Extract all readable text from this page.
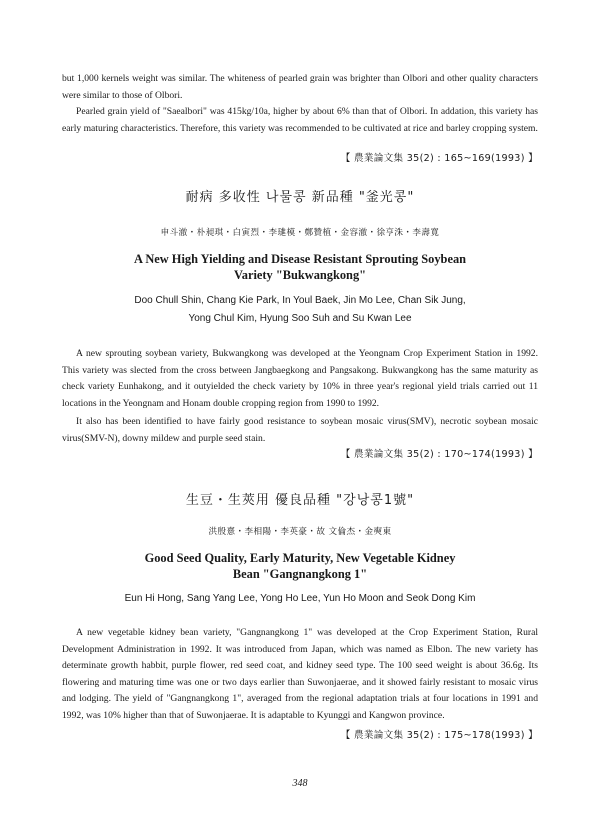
but 1,000 kernels weight was similar. The whiteness of pearled grain was brighter than Olbori and other quality characters were similar to those of Olbori.

Pearled grain yield of "Saealbori" was 415kg/10a, higher by about 6% than that of Olbori. In addation, this variety has early maturing characteristics. Therefore, this variety was recommended to be cultivated at rice and barley cropping system.

【 農業論文集 35(2) : 165~169(1993) 】
耐病 多收性 나물콩 新品種 "釜光콩"
申斗澈・朴昶琪・白寅烈・李璡模・鄭贊植・金容澈・徐亨洙・李壽寬
A New High Yielding and Disease Resistant Sprouting Soybean
Variety "Bukwangkong"
Doo Chull Shin, Chang Kie Park, In Youl Baek, Jin Mo Lee, Chan Sik Jung,
Yong Chul Kim, Hyung Soo Suh and Su Kwan Lee

A new sprouting soybean variety, Bukwangkong was developed at the Yeongnam Crop Experiment Station in 1992. This variety was slected from the cross between Jangbaegkong and Pangsakong. Bukwangkong has the same maturity as check variety Eunhakong, and it outyielded the check variety by 10% in three year's regional yield trials carried out 11 locations in the Yeongnam and Honam double cropping region from 1990 to 1992.

It also has been identified to have fairly good resistance to soybean mosaic virus(SMV), necrotic soybean mosaic virus(SMV-N), downy mildew and purple seed stain.

【 農業論文集 35(2) : 170~174(1993) 】
生豆・生莢用 優良品種 "강낭콩1號"
洪殷憙・李相陽・李英豪・故 文倫杰・金奭東
Good Seed Quality, Early Maturity, New Vegetable Kidney
Bean "Gangnangkong 1"
Eun Hi Hong, Sang Yang Lee, Yong Ho Lee, Yun Ho Moon and Seok Dong Kim

A new vegetable kidney bean variety, "Gangnangkong 1" was developed at the Crop Experiment Station, Rural Development Administration in 1992. It was introduced from Japan, which was named as Elbon. The new variety has determinate growth habbit, purple flower, red seed coat, and kidney seed type. The 100 seed weight is about 36.6g. Its flowering and maturing time was one or two days earlier than Suwonjaerae, and it showed fairly resistant to mosaic virus and lodging. The yield of "Gangnangkong 1", averaged from the regional adaptation trials at four locations in 1991 and 1992, was 10% higher than that of Suwonjaerae. It is adaptable to Kyunggi and Kangwon province.

【 農業論文集 35(2) : 175~178(1993) 】
348
